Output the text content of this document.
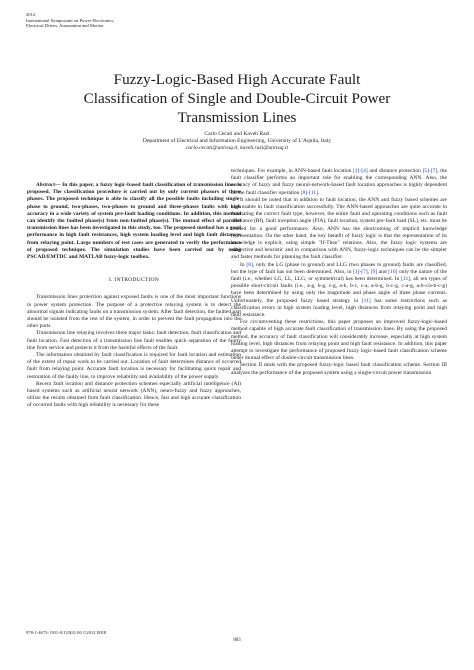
2012
International Symposium on Power Electronics,
Electrical Drives, Automation and Motion
Fuzzy-Logic-Based High Accurate Fault
Classification of Single and Double-Circuit Power
Transmission Lines
Carlo Cecati and Kaveh Razi
Department of Electrical and Information Engineering, University of L'Aquila, Italy
carlo.cecati@univaq.it, kaveh.razi@univaq.it

Abstract— In this paper, a fuzzy logic-based fault classification of transmission lines is proposed. The classification procedure is carried out by only current phasors of three phases. The proposed technique is able to classify all the possible faults including single-phase to ground, two-phases, two-phases to ground and three-phases faults with high accuracy in a wide variety of system pre-fault loading conditions. In addition, this method can identify the faulted phase(s) from non-faulted phase(s). The mutual effect of parallel transmission lines has been investigated in this study, too. The proposed method has a good performance in high fault resistances, high system loading level and high fault distances from relaying point. Large numbers of test cases are generated to verify the performance of proposed technique. The simulation studies have been carried out by using PSCAD/EMTDC and MATLAB fuzzy-logic toolbox.

I. INTRODUCTION

Transmission lines protection against exposed faults is one of the most important functions in power system protection. The purpose of a protective relaying system is to detect the abnormal signals indicating faults on a transmission system. After fault detection, the faulted part should be isolated from the rest of the system, in order to prevent the fault propagation into the other parts.

Transmission line relaying involves three major tasks: fault detection, fault classification and fault location. Fast detection of a transmission line fault enables quick separation of the faulty line from service and protects it from the harmful effects of the fault.

The information obtained by fault classification is required for fault location and estimation of the extent of repair work to be carried out. Location of fault determines distance of occurred fault from relaying point. Accurate fault location is necessary for facilitating quick repair and restoration of the faulty line, to improve reliability and availability of the power supply.

Recent fault location and distance protection schemes especially artificial intelligence (AI) based systems such as artificial neural network (ANN), neuro-fuzzy and fuzzy approaches, utilize the results obtained from fault classification. Hence, fast and high accurate classification of occurred faults with high reliability is necessary for these

techniques. For example, in ANN-based fault location [1]-[4] and distance protection [5]-[7], the fault classifier performs an important role for enabling the corresponding ANN. Also, the accuracy of fuzzy and fuzzy neural-network-based fault location approaches is highly dependent on the fault classifier operation [8]-[11].

It should be noted that in addition to fault location, the ANN and fuzzy based schemes are also usable in fault classification successfully. The ANN-based approaches are quite accurate in estimating the correct fault type, however, the entire fault and operating conditions such as fault resistance (Rf), fault inception angle (FIA), fault location, system pre-fault load (SL), etc. must be trained for a good performance. Also, ANN has the shortcoming of implicit knowledge representation. On the other hand, the key benefit of fuzzy logic is that the representation of its knowledge is explicit, using simple "If-Then" relations. Also, the fuzzy logic systems are subjective and heuristic and in comparison with ANN, fuzzy-logic techniques can be the simpler and faster methods for planning the fault classifier.

In [8], only the LG (phase to ground) and LLG (two phases to ground) faults are classified, but the type of fault has not been determined. Also, in [1]-[7], [9] and [10] only the nature of the fault (i.e., whether LG, LL, LLG, or symmetrical) has been determined. In [11], all ten types of possible short-circuit faults (i.e., a-g, b-g, c-g, a-b, b-c, c-a, a-b-g, b-c-g, c-a-g, a-b-c/a-b-c-g) have been determined by using only the magnitude and phase angle of three phase currents. Unfortunately, the proposed fuzzy based strategy in [11] has some restrictions such as classification errors in high system loading level, high distances from relaying point and high fault resistance.

For circumventing these restrictions, this paper proposes an improved fuzzy-logic-based method capable of high accurate fault classification of transmission lines. By using the proposed method, the accuracy of fault classification will considerably increase, especially at high system loading level, high distances from relaying point and high fault resistance. In addition, this paper attempt to investigate the performance of proposed fuzzy logic-based fault classification scheme under mutual effect of double-circuit transmission lines.

Section II deals with the proposed fuzzy-logic based fault classification scheme. Section III analyzes the performance of the proposed system using a single-circuit power transmission

978-1-4673-1301-8/12/$31.00 ©2012 IEEE
883
